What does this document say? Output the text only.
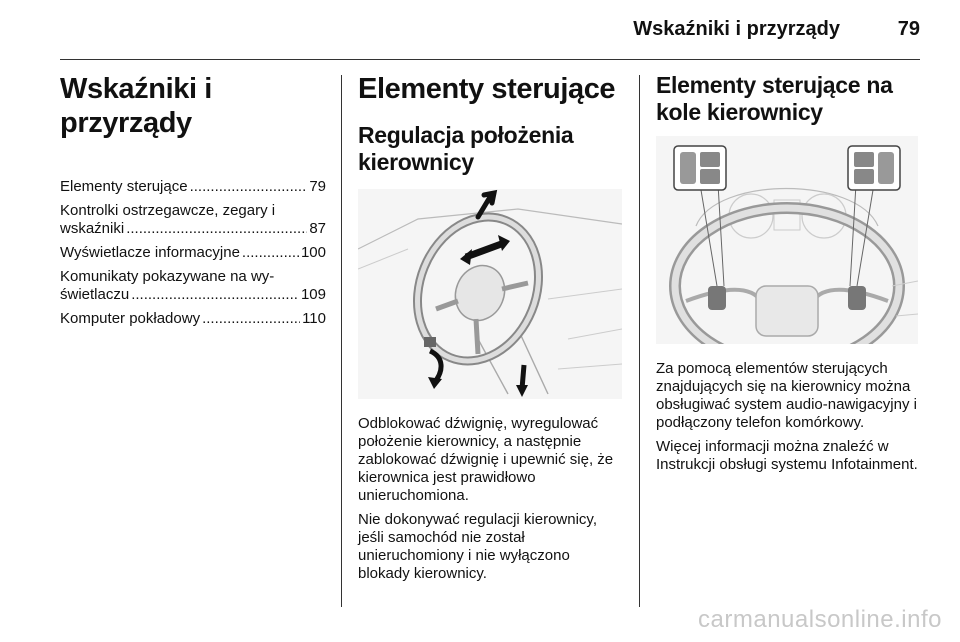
Wskaźniki i przyrządy	79
Wskaźniki i przyrządy
Elementy sterujące .....	79
Kontrolki ostrzegawcze, zegary i
wskaźniki .....	87
Wyświetlacze informacyjne .....	100
Komunikaty pokazywane na wy-
świetlaczu .....	109
Komputer pokładowy .....	110
Elementy sterujące
Regulacja położenia kierownicy

Odblokować dźwignię, wyregulować położenie kierownicy, a następnie zablokować dźwignię i upewnić się, że kierownica jest prawidłowo unieruchomiona.

Nie dokonywać regulacji kierownicy, jeśli samochód nie został unieruchomiony i nie wyłączono blokady kierownicy.

Elementy sterujące na kole kierownicy

Za pomocą elementów sterujących znajdujących się na kierownicy można obsługiwać system audio-nawigacyjny i podłączony telefon komórkowy.

Więcej informacji można znaleźć w Instrukcji obsługi systemu Infotainment.

carmanualsonline.info
